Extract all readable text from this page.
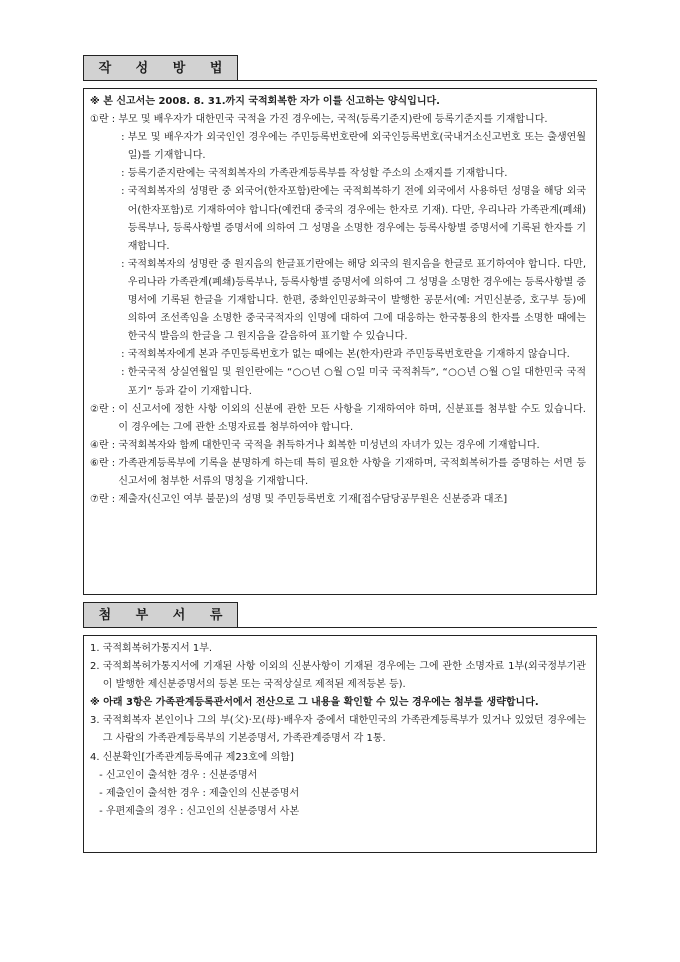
작 성 방 법
※ 본 신고서는 2008. 8. 31.까지 국적회복한 자가 이를 신고하는 양식입니다.
①란 : 부모 및 배우자가 대한민국 국적을 가진 경우에는, 국적(등록기준지)란에 등록기준지를 기재합니다.
: 부모 및 배우자가 외국인인 경우에는 주민등록번호란에 외국인등록번호(국내거소신고번호 또는 출생연월일)를 기재합니다.
: 등록기준지란에는 국적회복자의 가족관계등록부를 작성할 주소의 소재지를 기재합니다.
: 국적회복자의 성명란 중 외국어(한자포함)란에는 국적회복하기 전에 외국에서 사용하던 성명을 해당 외국어(한자포함)로 기재하여야 합니다(예컨대 중국의 경우에는 한자로 기재). 다만, 우리나라 가족관계(폐쇄)등록부나, 등록사항별 증명서에 의하여 그 성명을 소명한 경우에는 등록사항별 증명서에 기록된 한자를 기재합니다.
: 국적회복자의 성명란 중 원지음의 한글표기란에는 해당 외국의 원지음을 한글로 표기하여야 합니다. 다만, 우리나라 가족관계(폐쇄)등록부나, 등록사항별 증명서에 의하여 그 성명을 소명한 경우에는 등록사항별 증명서에 기록된 한글을 기재합니다. 한편, 중화인민공화국이 발행한 공문서(예: 거민신분증, 호구부 등)에 의하여 조선족임을 소명한 중국국적자의 인명에 대하여 그에 대응하는 한국통용의 한자를 소명한 때에는 한국식 발음의 한글을 그 원지음을 갈음하여 표기할 수 있습니다.
: 국적회복자에게 본과 주민등록번호가 없는 때에는 본(한자)란과 주민등록번호란을 기재하지 않습니다.
: 한국국적 상실연월일 및 원인란에는 “○○년 ○월 ○일 미국 국적취득”, “○○년 ○월 ○일 대한민국 국적포기” 등과 같이 기재합니다.
②란 : 이 신고서에 정한 사항 이외의 신분에 관한 모든 사항을 기재하여야 하며, 신분표를 첨부할 수도 있습니다. 이 경우에는 그에 관한 소명자료를 첨부하여야 합니다.
④란 : 국적회복자와 함께 대한민국 국적을 취득하거나 회복한 미성년의 자녀가 있는 경우에 기재합니다.
⑥란 : 가족관계등록부에 기록을 분명하게 하는데 특히 필요한 사항을 기재하며, 국적회복허가를 증명하는 서면 등 신고서에 첨부한 서류의 명칭을 기재합니다.
⑦란 : 제출자(신고인 여부 불문)의 성명 및 주민등록번호 기재[접수담당공무원은 신분증과 대조]
첨 부 서 류
1. 국적회복허가통지서 1부.
2. 국적회복허가통지서에 기재된 사항 이외의 신분사항이 기재된 경우에는 그에 관한 소명자료 1부(외국정부기관이 발행한 제신분증명서의 등본 또는 국적상실로 제적된 제적등본 등).
※ 아래 3항은 가족관계등록관서에서 전산으로 그 내용을 확인할 수 있는 경우에는 첨부를 생략합니다.
3. 국적회복자 본인이나 그의 부(父)·모(母)·배우자 중에서 대한민국의 가족관계등록부가 있거나 있었던 경우에는 그 사람의 가족관계등록부의 기본증명서, 가족관계증명서 각 1통.
4. 신분확인[가족관계등록예규 제23호에 의함]
- 신고인이 출석한 경우 : 신분증명서
- 제출인이 출석한 경우 : 제출인의 신분증명서
- 우편제출의 경우 : 신고인의 신분증명서 사본
